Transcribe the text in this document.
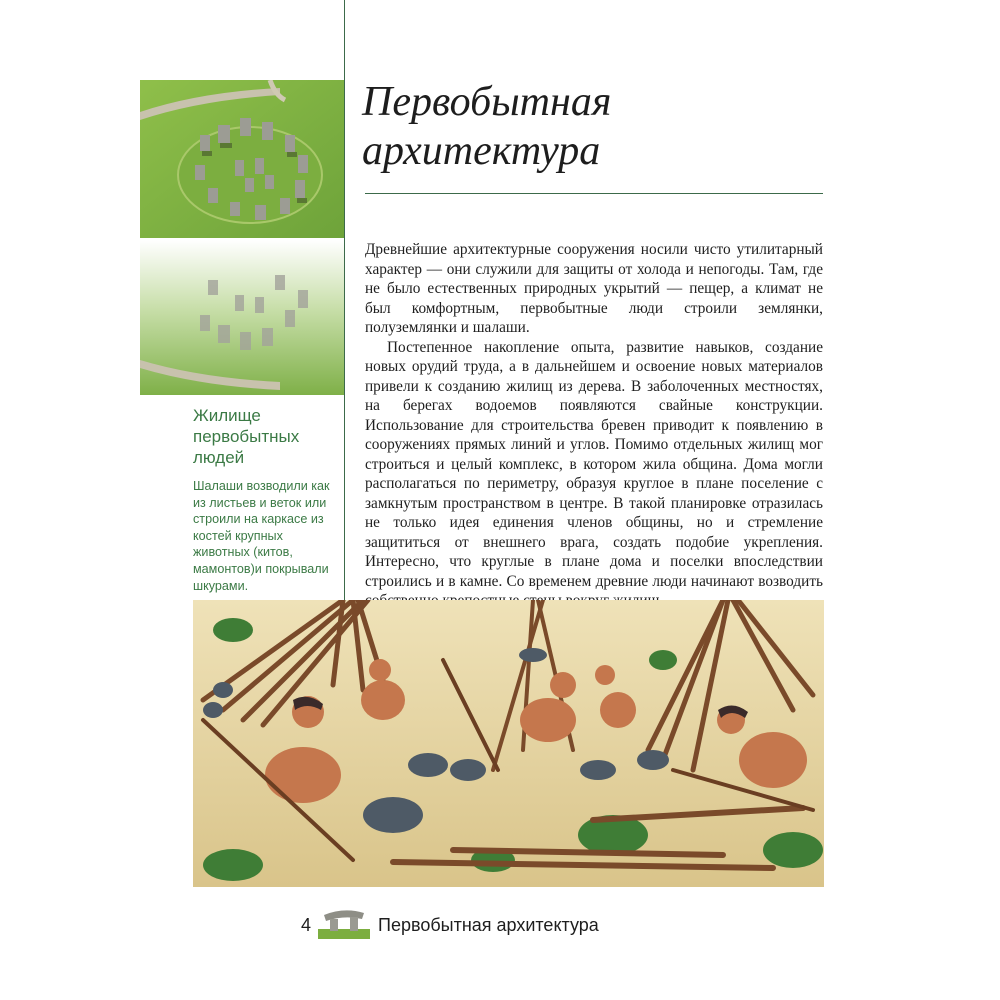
Жилище первобытных людей
Шалаши возводили как из листьев и веток или строили на каркасе из костей крупных животных (китов, мамонтов)и покрывали шкурами.
Первобытная
архитектура

Древнейшие архитектурные сооружения носили чисто утилитарный характер — они служили для защиты от холода и непогоды. Там, где не было естественных природных укрытий — пещер, а климат не был комфортным, первобытные люди строили землянки, полуземлянки и шалаши.

Постепенное накопление опыта, развитие навыков, создание новых орудий труда, а в дальнейшем и освоение новых материалов привели к созданию жилищ из дерева. В заболоченных местностях, на берегах водоемов появляются свайные конструкции. Использование для строительства бревен приводит к появлению в сооружениях прямых линий и углов. Помимо отдельных жилищ мог строиться и целый комплекс, в котором жила община. Дома могли располагаться по периметру, образуя круглое в плане поселение с замкнутым пространством в центре. В такой планировке отразилась не только идея единения членов общины, но и стремление защититься от внешнего врага, создать подобие укрепления. Интересно, что круглые в плане дома и поселки впоследствии строились и в камне. Со временем древние люди начинают возводить

4	Первобытная архитектура
